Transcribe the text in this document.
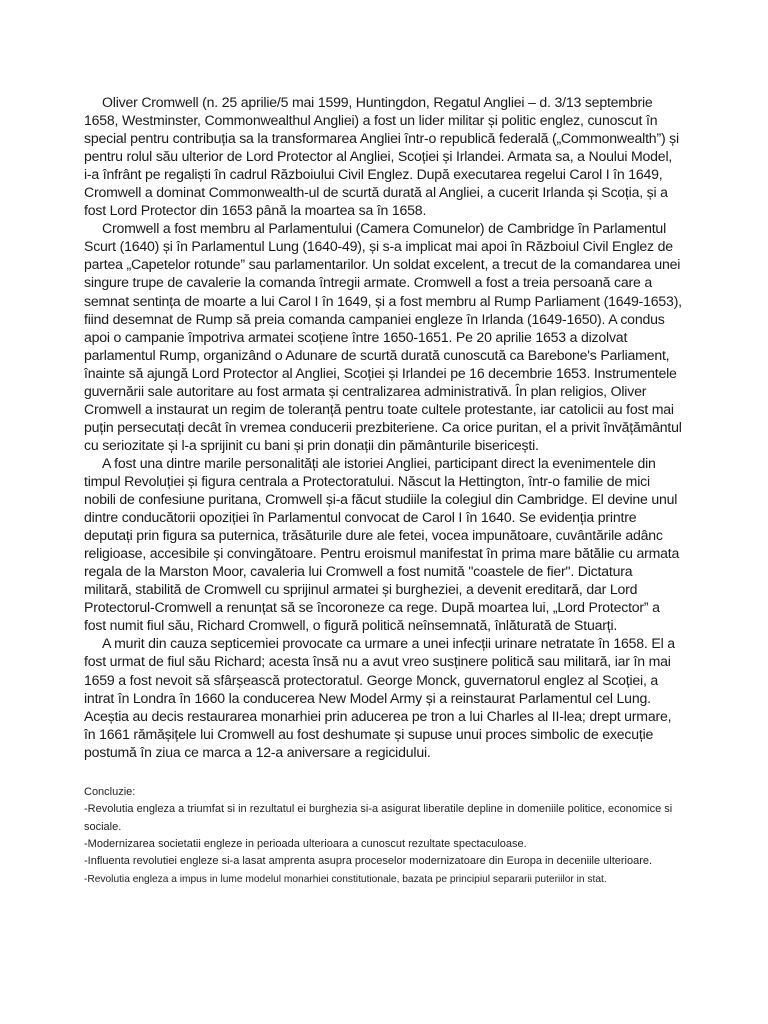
Oliver Cromwell (n. 25 aprilie/5 mai 1599, Huntingdon, Regatul Angliei – d. 3/13 septembrie 1658, Westminster, Commonwealthul Angliei) a fost un lider militar și politic englez, cunoscut în special pentru contribuția sa la transformarea Angliei într-o republică federală („Commonwealth”) și pentru rolul său ulterior de Lord Protector al Angliei, Scoției și Irlandei. Armata sa, a Noului Model, i-a înfrânt pe regaliști în cadrul Războiului Civil Englez. După executarea regelui Carol I în 1649, Cromwell a dominat Commonwealth-ul de scurtă durată al Angliei, a cucerit Irlanda și Scoția, și a fost Lord Protector din 1653 până la moartea sa în 1658.

Cromwell a fost membru al Parlamentului (Camera Comunelor) de Cambridge în Parlamentul Scurt (1640) și în Parlamentul Lung (1640-49), și s-a implicat mai apoi în Războiul Civil Englez de partea „Capetelor rotunde” sau parlamentarilor. Un soldat excelent, a trecut de la comandarea unei singure trupe de cavalerie la comanda întregii armate. Cromwell a fost a treia persoană care a semnat sentința de moarte a lui Carol I în 1649, și a fost membru al Rump Parliament (1649-1653), fiind desemnat de Rump să preia comanda campaniei engleze în Irlanda (1649-1650). A condus apoi o campanie împotriva armatei scoțiene între 1650-1651. Pe 20 aprilie 1653 a dizolvat parlamentul Rump, organizând o Adunare de scurtă durată cunoscută ca Barebone's Parliament, înainte să ajungă Lord Protector al Angliei, Scoției și Irlandei pe 16 decembrie 1653. Instrumentele guvernării sale autoritare au fost armata și centralizarea administrativă. În plan religios, Oliver Cromwell a instaurat un regim de toleranță pentru toate cultele protestante, iar catolicii au fost mai puțin persecutați decât în vremea conducerii prezbiteriene. Ca orice puritan, el a privit învățământul cu seriozitate și l-a sprijinit cu bani și prin donații din pământurile bisericești.

A fost una dintre marile personalități ale istoriei Angliei, participant direct la evenimentele din timpul Revoluției și figura centrala a Protectoratului. Născut la Hettington, într-o familie de mici nobili de confesiune puritana, Cromwell și-a făcut studiile la colegiul din Cambridge. El devine unul dintre conducătorii opoziției în Parlamentul convocat de Carol I în 1640. Se evidenția printre deputați prin figura sa puternica, trăsăturile dure ale fetei, vocea impunătoare, cuvântările adânc religioase, accesibile și convingătoare. Pentru eroismul manifestat în prima mare bătălie cu armata regala de la Marston Moor, cavaleria lui Cromwell a fost numită "coastele de fier". Dictatura militară, stabilită de Cromwell cu sprijinul armatei și burgheziei, a devenit ereditară, dar Lord Protectorul-Cromwell a renunțat să se încoroneze ca rege. După moartea lui, „Lord Protector” a fost numit fiul său, Richard Cromwell, o figură politică neînsemnată, înlăturată de Stuarți.

A murit din cauza septicemiei provocate ca urmare a unei infecții urinare netratate în 1658. El a fost urmat de fiul său Richard; acesta însă nu a avut vreo susținere politică sau militară, iar în mai 1659 a fost nevoit să sfârșească protectoratul. George Monck, guvernatorul englez al Scoției, a intrat în Londra în 1660 la conducerea New Model Army și a reinstaurat Parlamentul cel Lung. Aceștia au decis restaurarea monarhiei prin aducerea pe tron a lui Charles al II-lea; drept urmare, în 1661 rămășițele lui Cromwell au fost deshumate și supuse unui proces simbolic de execuție postumă în ziua ce marca a 12-a aniversare a regicidului.

Concluzie:

-Revolutia engleza a triumfat si in rezultatul ei burghezia si-a asigurat liberatile depline in domeniile politice, economice si sociale.

-Modernizarea societatii engleze in perioada ulterioara a cunoscut rezultate spectaculoase.

-Influenta revolutiei engleze si-a lasat amprenta asupra proceselor modernizatoare din Europa in deceniile ulterioare.

-Revolutia engleza a impus in lume modelul monarhiei constitutionale, bazata pe principiul separarii puteriilor in stat.
